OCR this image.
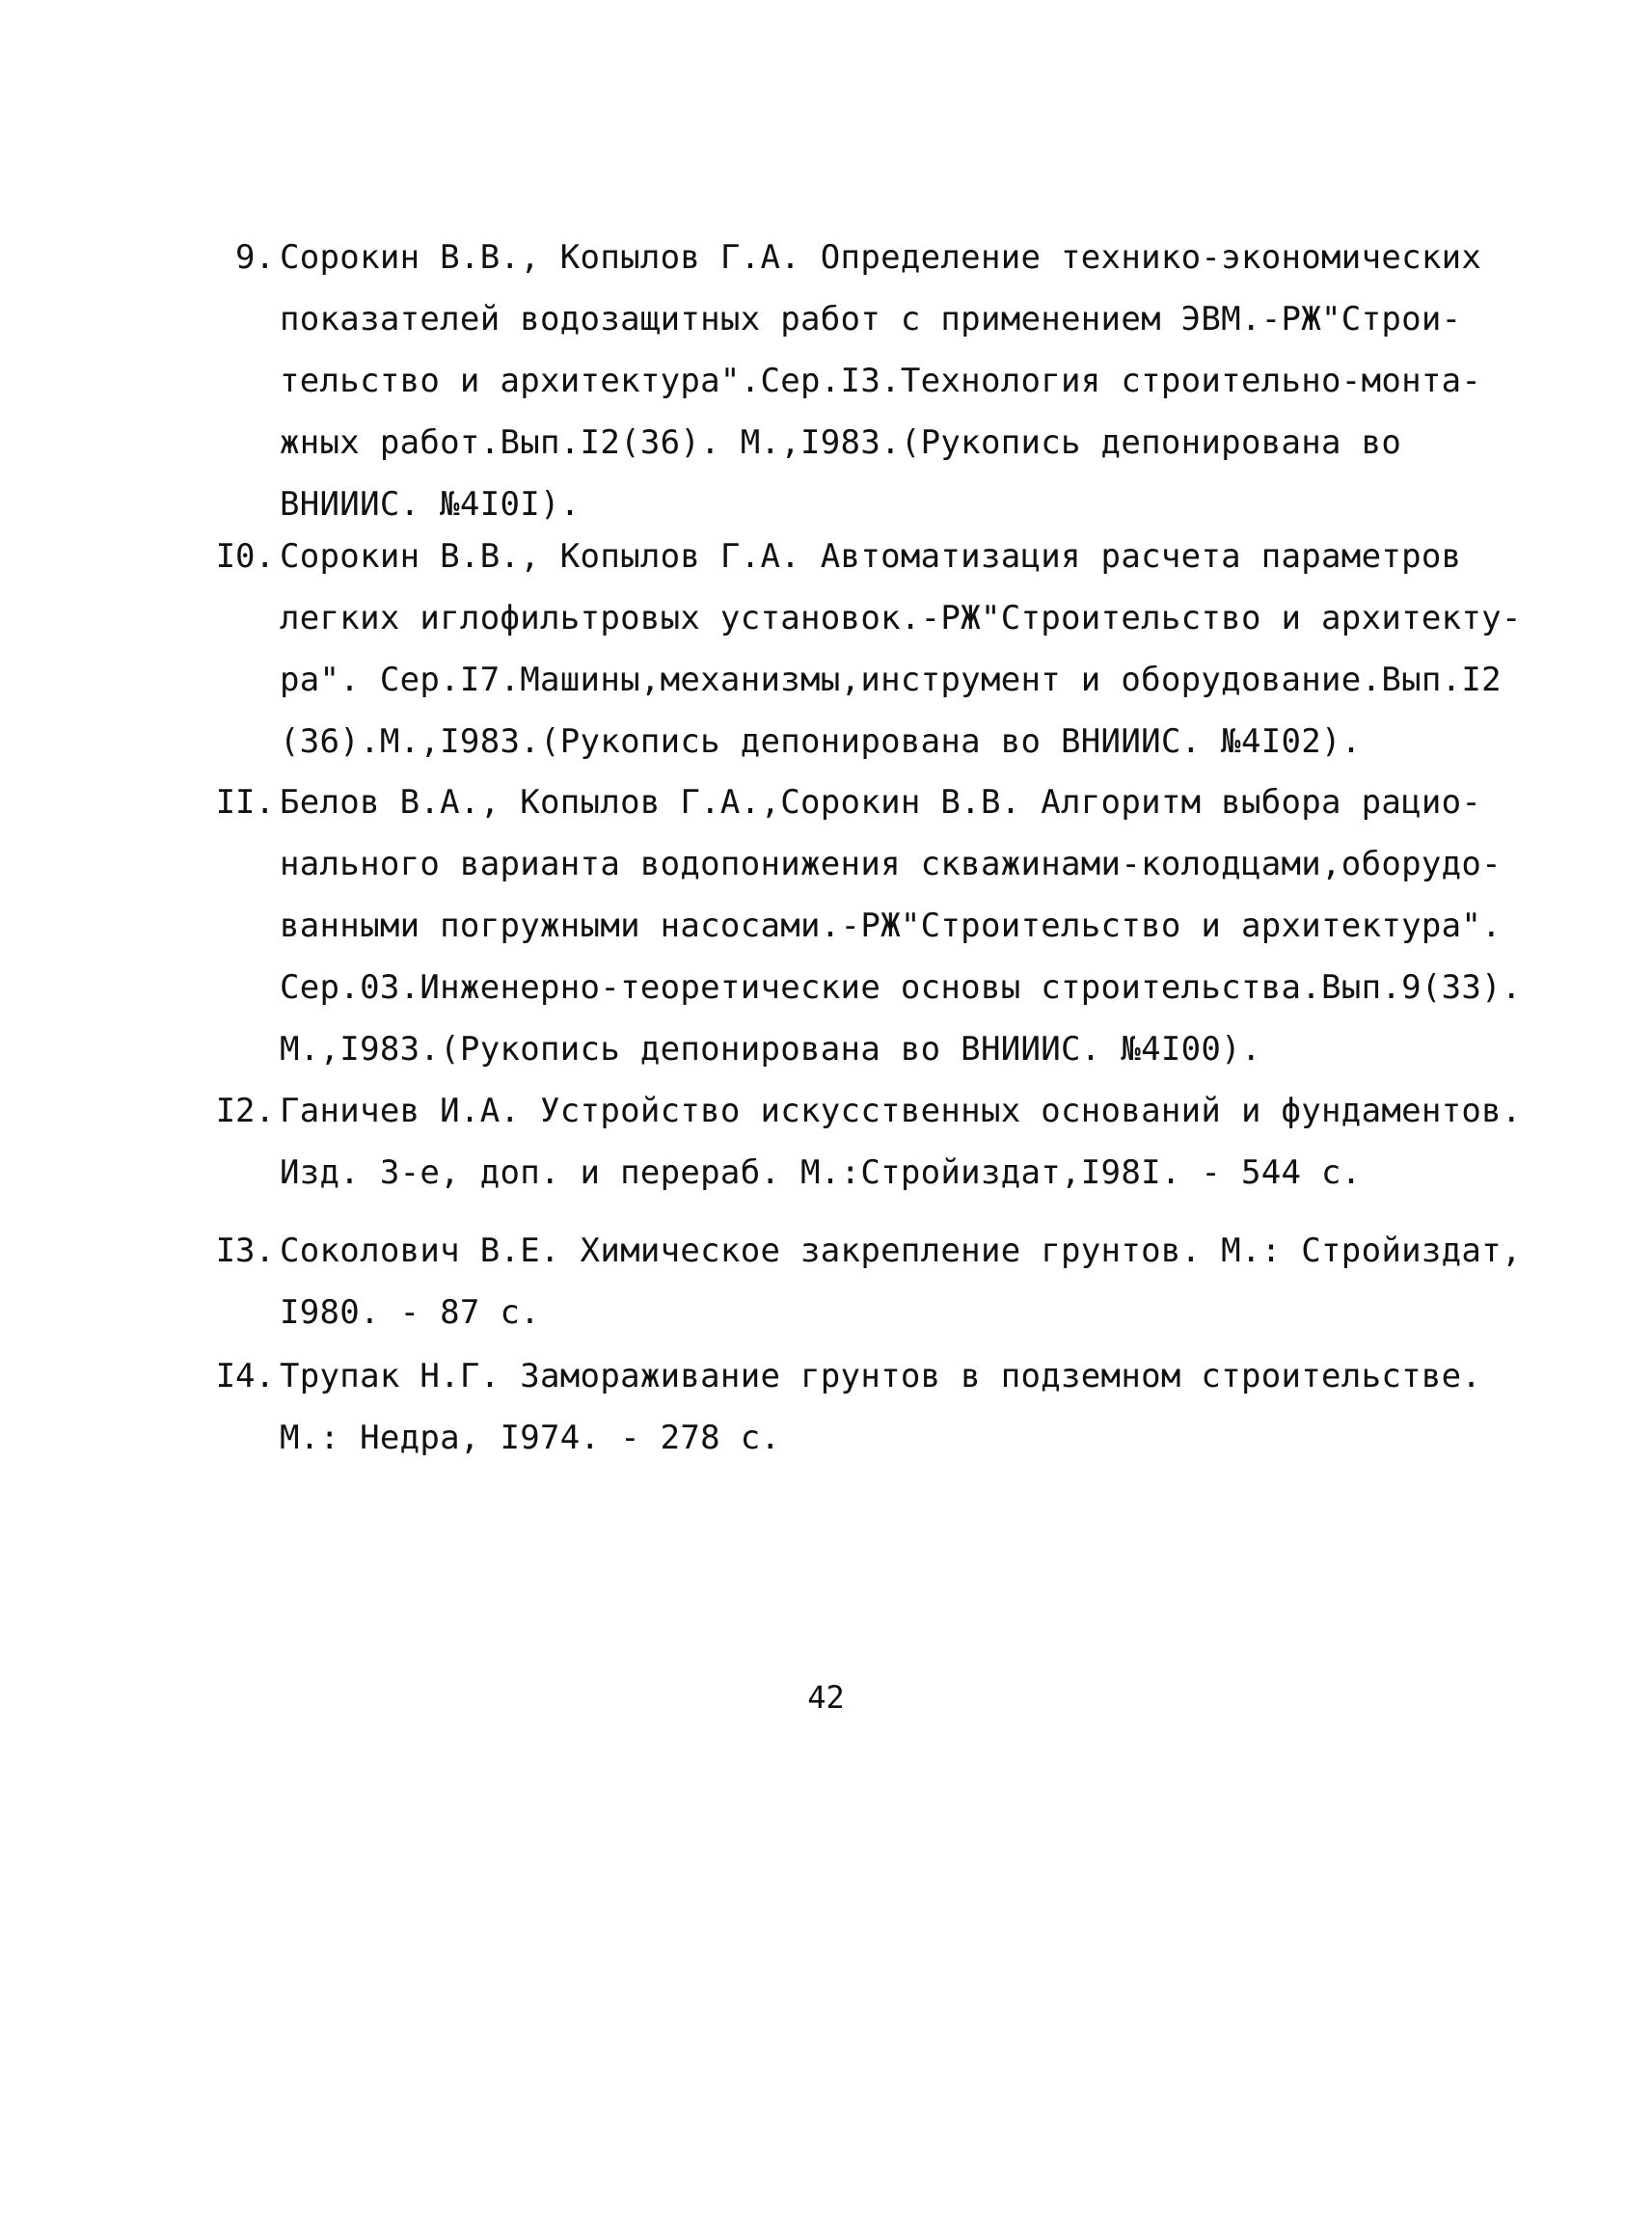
9. Сорокин В.В., Копылов Г.А. Определение технико-экономических
показателей водозащитных работ с применением ЭВМ.-РЖ"Строи-
тельство и архитектура".Сер.I3.Технология строительно-монта-
жных работ.Вып.I2(36). М.,I983.(Рукопись депонирована во
ВНИИИС. №4I0I).
I0. Сорокин В.В., Копылов Г.А. Автоматизация расчета параметров
легких иглофильтровых установок.-РЖ"Строительство и архитекту-
ра". Сер.I7.Машины,механизмы,инструмент и оборудование.Вып.I2
(36).М.,I983.(Рукопись депонирована во ВНИИИС. №4I02).
II. Белов В.А., Копылов Г.А.,Сорокин В.В. Алгоритм выбора рацио-
нального варианта водопонижения скважинами-колодцами,оборудо-
ванными погружными насосами.-РЖ"Строительство и архитектура".
Сер.03.Инженерно-теоретические основы строительства.Вып.9(33).
М.,I983.(Рукопись депонирована во ВНИИИС. №4I00).
I2. Ганичев И.А. Устройство искусственных оснований и фундаментов.
Изд. 3-е, доп. и перераб. М.:Стройиздат,I98I. - 544 с.
I3. Соколович В.Е. Химическое закрепление грунтов. М.: Стройиздат,
I980. - 87 с.
I4. Трупак Н.Г. Замораживание грунтов в подземном строительстве.
М.: Недра, I974. - 278 с.
42
